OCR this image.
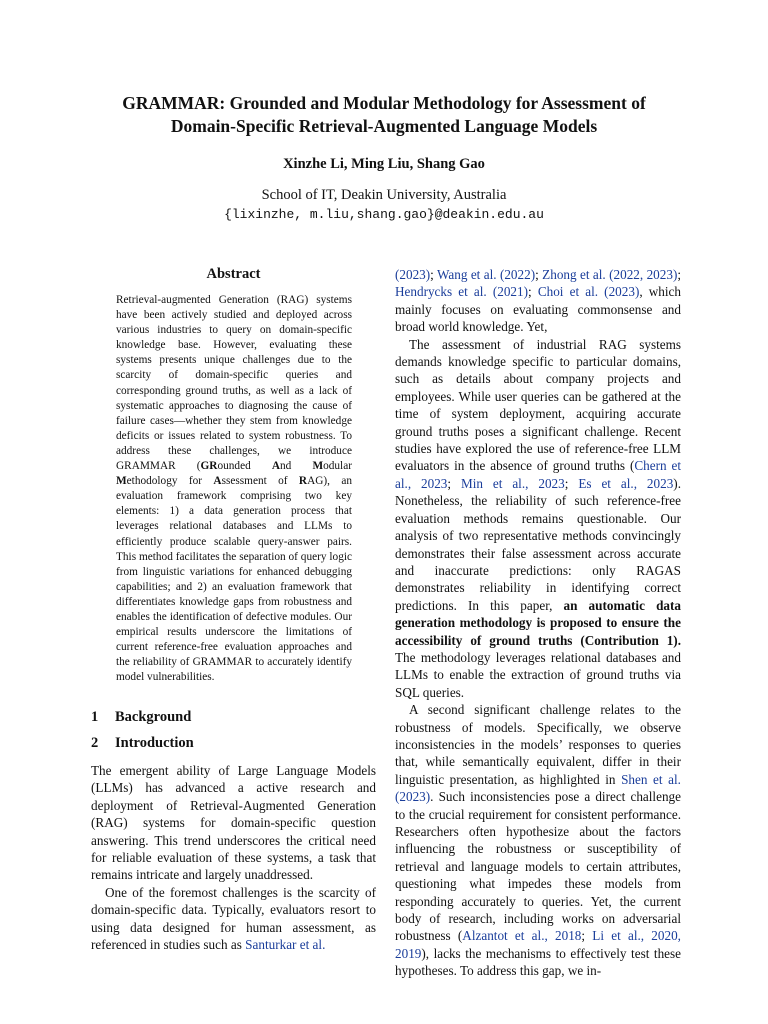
GRAMMAR: Grounded and Modular Methodology for Assessment of
Domain-Specific Retrieval-Augmented Language Models
Xinzhe Li, Ming Liu, Shang Gao
School of IT, Deakin University, Australia
{lixinzhe, m.liu,shang.gao}@deakin.edu.au
Abstract

Retrieval-augmented Generation (RAG) systems have been actively studied and deployed across various industries to query on domain-specific knowledge base. However, evaluating these systems presents unique challenges due to the scarcity of domain-specific queries and corresponding ground truths, as well as a lack of systematic approaches to diagnosing the cause of failure cases—whether they stem from knowledge deficits or issues related to system robustness. To address these challenges, we introduce GRAMMAR (GRounded And Modular Methodology for Assessment of RAG), an evaluation framework comprising two key elements: 1) a data generation process that leverages relational databases and LLMs to efficiently produce scalable query-answer pairs. This method facilitates the separation of query logic from linguistic variations for enhanced debugging capabilities; and 2) an evaluation framework that differentiates knowledge gaps from robustness and enables the identification of defective modules. Our empirical results underscore the limitations of current reference-free evaluation approaches and the reliability of GRAMMAR to accurately identify model vulnerabilities.

1 Background
2 Introduction

The emergent ability of Large Language Models (LLMs) has advanced a active research and deployment of Retrieval-Augmented Generation (RAG) systems for domain-specific question answering. This trend underscores the critical need for reliable evaluation of these systems, a task that remains intricate and largely unaddressed.

One of the foremost challenges is the scarcity of domain-specific data. Typically, evaluators resort to using data designed for human assessment, as referenced in studies such as Santurkar et al.

(2023); Wang et al. (2022); Zhong et al. (2022, 2023); Hendrycks et al. (2021); Choi et al. (2023), which mainly focuses on evaluating commonsense and broad world knowledge. Yet,

The assessment of industrial RAG systems demands knowledge specific to particular domains, such as details about company projects and employees. While user queries can be gathered at the time of system deployment, acquiring accurate ground truths poses a significant challenge. Recent studies have explored the use of reference-free LLM evaluators in the absence of ground truths (Chern et al., 2023; Min et al., 2023; Es et al., 2023). Nonetheless, the reliability of such reference-free evaluation methods remains questionable. Our analysis of two representative methods convincingly demonstrates their false assessment across accurate and inaccurate predictions: only RAGAS demonstrates reliability in identifying correct predictions. In this paper, an automatic data generation methodology is proposed to ensure the accessibility of ground truths (Contribution 1). The methodology leverages relational databases and LLMs to enable the extraction of ground truths via SQL queries.

A second significant challenge relates to the robustness of models. Specifically, we observe inconsistencies in the models’ responses to queries that, while semantically equivalent, differ in their linguistic presentation, as highlighted in Shen et al. (2023). Such inconsistencies pose a direct challenge to the crucial requirement for consistent performance. Researchers often hypothesize about the factors influencing the robustness or susceptibility of retrieval and language models to certain attributes, questioning what impedes these models from responding accurately to queries. Yet, the current body of research, including works on adversarial robustness (Alzantot et al., 2018; Li et al., 2020, 2019), lacks the mechanisms to effectively test these hypotheses. To address this gap, we in-
